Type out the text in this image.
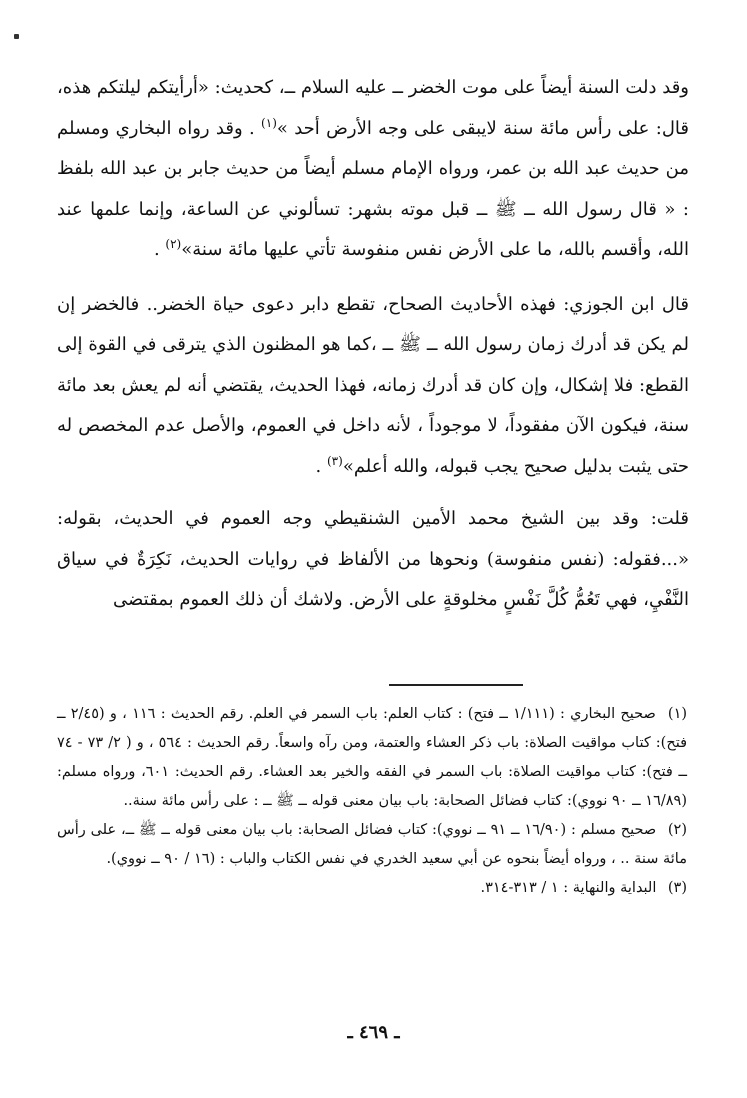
وقد دلت السنة أيضاً على موت الخضر ــ عليه السلام ــ، كحديث: «أرأيتكم ليلتكم هذه، قال: على رأس مائة سنة لايبقى على وجه الأرض أحد »$^{(١)}$ . وقد رواه البخاري ومسلم من حديث عبد الله بن عمر، ورواه الإمام مسلم أيضاً من حديث جابر بن عبد الله بلفظ : « قال رسول الله ــ ﷺ ــ قبل موته بشهر: تسألوني عن الساعة، وإنما علمها عند الله، وأقسم بالله، ما على الأرض نفس منفوسة تأتي عليها مائة سنة»$^{(٢)}$ .

قال ابن الجوزي: فهذه الأحاديث الصحاح، تقطع دابر دعوى حياة الخضر.. فالخضر إن لم يكن قد أدرك زمان رسول الله ــ ﷺ ــ ،كما هو المظنون الذي يترقى في القوة إلى القطع: فلا إشكال، وإن كان قد أدرك زمانه، فهذا الحديث، يقتضي أنه لم يعش بعد مائة سنة، فيكون الآن مفقوداً، لا موجوداً ، لأنه داخل في العموم، والأصل عدم المخصص له حتى يثبت بدليل صحيح يجب قبوله، والله أعلم»$^{(٣)}$ .

قلت: وقد بين الشيخ محمد الأمين الشنقيطي وجه العموم في الحديث، بقوله: «...فقوله: (نفس منفوسة) ونحوها من الألفاظ في روايات الحديث، نَكِرَةٌ في سياق النَّفْيِ، فهي تَعُمُّ كُلَّ نَفْسٍ مخلوقةٍ على الأرض. ولاشك أن ذلك العموم بمقتضى

(١) صحيح البخاري : (١/١١١ ــ فتح) : كتاب العلم: باب السمر في العلم. رقم الحديث : ١١٦ ، و (٢/٤٥ ــ فتح): كتاب مواقيت الصلاة: باب ذكر العشاء والعتمة، ومن رآه واسعاً. رقم الحديث : ٥٦٤ ، و ( ٢/ ٧٣ - ٧٤ ــ فتح): كتاب مواقيت الصلاة: باب السمر في الفقه والخير بعد العشاء. رقم الحديث: ٦٠١، ورواه مسلم: (١٦/٨٩ ــ ٩٠ نووي): كتاب فضائل الصحابة: باب بيان معنى قوله ــ ﷺ ــ : على رأس مائة سنة..

(٢) صحيح مسلم : (١٦/٩٠ ــ ٩١ ــ نووي): كتاب فضائل الصحابة: باب بيان معنى قوله ــ ﷺ ــ، على رأس مائة سنة .. ، ورواه أيضاً بنحوه عن أبي سعيد الخدري في نفس الكتاب والباب : (١٦ / ٩٠ ــ نووي).

(٣) البداية والنهاية : ١ / ٣١٣-٣١٤.

ـ ٤٦٩ ـ
